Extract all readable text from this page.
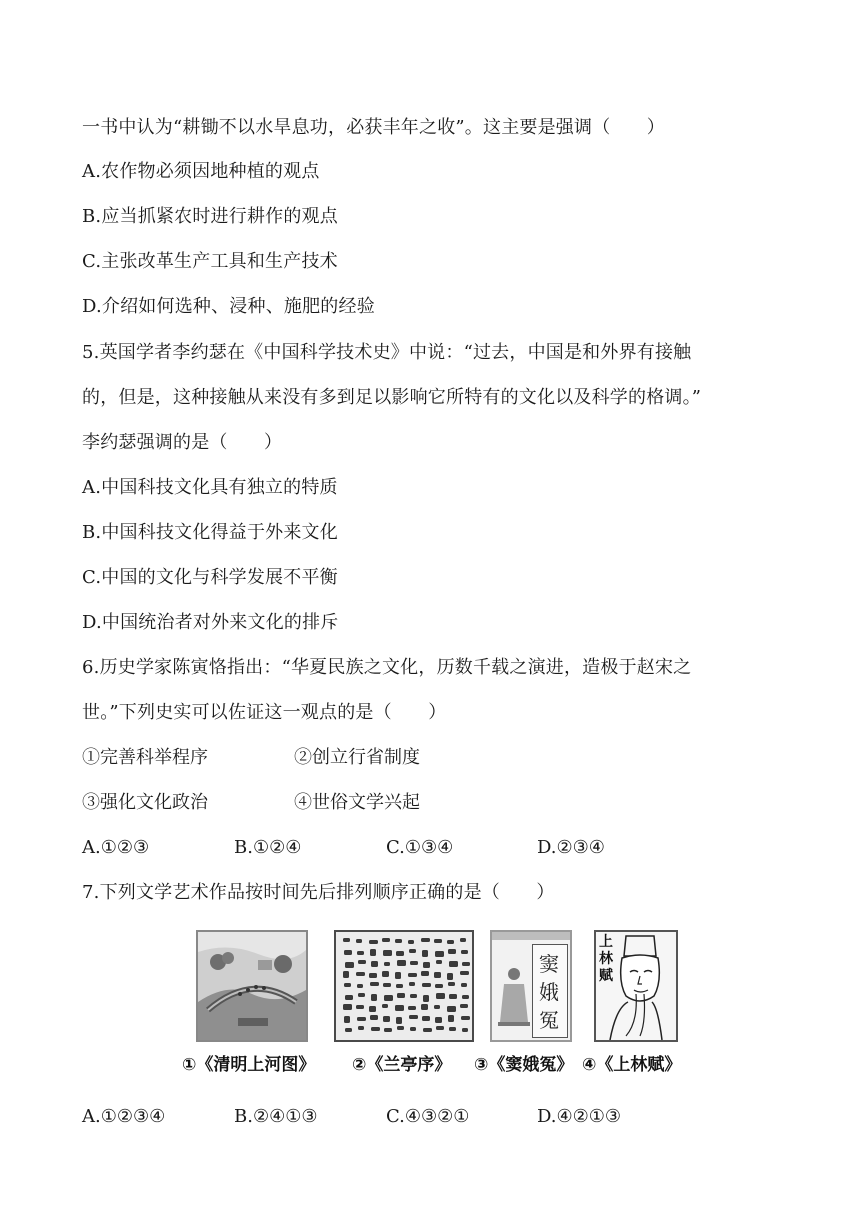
一书中认为“耕锄不以水旱息功，必获丰年之收”。这主要是强调（　　）
A.农作物必须因地种植的观点
B.应当抓紧农时进行耕作的观点
C.主张改革生产工具和生产技术
D.介绍如何选种、浸种、施肥的经验
5.英国学者李约瑟在《中国科学技术史》中说：“过去，中国是和外界有接触
的，但是，这种接触从来没有多到足以影响它所特有的文化以及科学的格调。”
李约瑟强调的是（　　）
A.中国科技文化具有独立的特质
B.中国科技文化得益于外来文化
C.中国的文化与科学发展不平衡
D.中国统治者对外来文化的排斥
6.历史学家陈寅恪指出：“华夏民族之文化，历数千载之演进，造极于赵宋之
世。”下列史实可以佐证这一观点的是（　　）
①完善科举程序	②创立行省制度
③强化文化政治	④世俗文学兴起
A.①②③	B.①②④	C.①③④	D.②③④
7.下列文学艺术作品按时间先后排列顺序正确的是（　　）
窦娥冤
上林赋
①《清明上河图》 ②《兰亭序》 ③《窦娥冤》 ④《上林赋》
A.①②③④	B.②④①③	C.④③②①	D.④②①③
